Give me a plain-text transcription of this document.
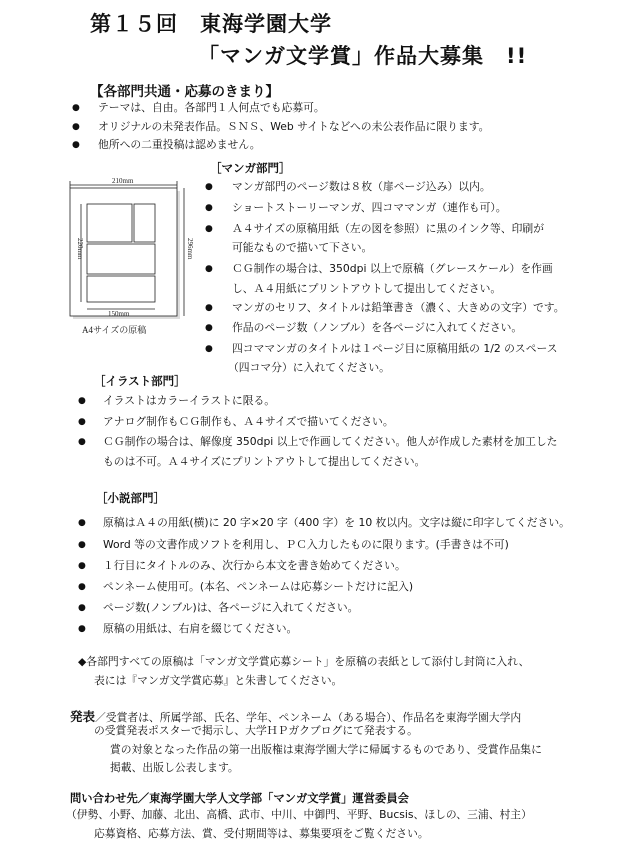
第１５回　東海学園大学
「マンガ文学賞」作品大募集　!!
【各部門共通・応募のきまり】
● テーマは、自由。各部門１人何点でも応募可。
● オリジナルの未発表作品。ＳＮＳ、Web サイトなどへの未公表作品に限ります。
● 他所への二重投稿は認めません。
210mm
220mm	296mm
150mm
A4サイズの原稿
［マンガ部門］
● マンガ部門のページ数は８枚（扉ページ込み）以内。
● ショートストーリーマンガ、四コママンガ（連作も可）。
● Ａ４サイズの原稿用紙（左の図を参照）に黒のインク等、印刷が
可能なもので描いて下さい。
● ＣＧ制作の場合は、350dpi 以上で原稿（グレースケール）を作画
し、Ａ４用紙にプリントアウトして提出してください。
● マンガのセリフ、タイトルは鉛筆書き（濃く、大きめの文字）です。
● 作品のページ数（ノンブル）を各ページに入れてください。
● 四コママンガのタイトルは１ページ目に原稿用紙の 1/2 のスペース
（四コマ分）に入れてください。
［イラスト部門］
● イラストはカラーイラストに限る。
● アナログ制作もＣＧ制作も、Ａ４サイズで描いてください。
● ＣＧ制作の場合は、解像度 350dpi 以上で作画してください。他人が作成した素材を加工した
ものは不可。Ａ４サイズにプリントアウトして提出してください。
［小説部門］
● 原稿はＡ４の用紙(横)に 20 字×20 字（400 字）を 10 枚以内。文字は縦に印字してください。
● Word 等の文書作成ソフトを利用し、ＰＣ入力したものに限ります。(手書きは不可)
● １行目にタイトルのみ、次行から本文を書き始めてください。
● ペンネーム使用可。(本名、ペンネームは応募シートだけに記入)
● ページ数(ノンブル)は、各ページに入れてください。
● 原稿の用紙は、右肩を綴じてください。
◆各部門すべての原稿は「マンガ文学賞応募シート」を原稿の表紙として添付し封筒に入れ、
表には『マンガ文学賞応募』と朱書してください。
発表／受賞者は、所属学部、氏名、学年、ペンネーム（ある場合）、作品名を東海学園大学内
の受賞発表ポスターで掲示し、大学ＨＰガクブログにて発表する。
賞の対象となった作品の第一出版権は東海学園大学に帰属するものであり、受賞作品集に
掲載、出版し公表します。
問い合わせ先／東海学園大学人文学部「マンガ文学賞」運営委員会
（伊勢、小野、加藤、北出、高橋、武市、中川、中御門、平野、Bucsis、ほしの、三浦、村主）
応募資格、応募方法、賞、受付期間等は、募集要項をご覧ください。
